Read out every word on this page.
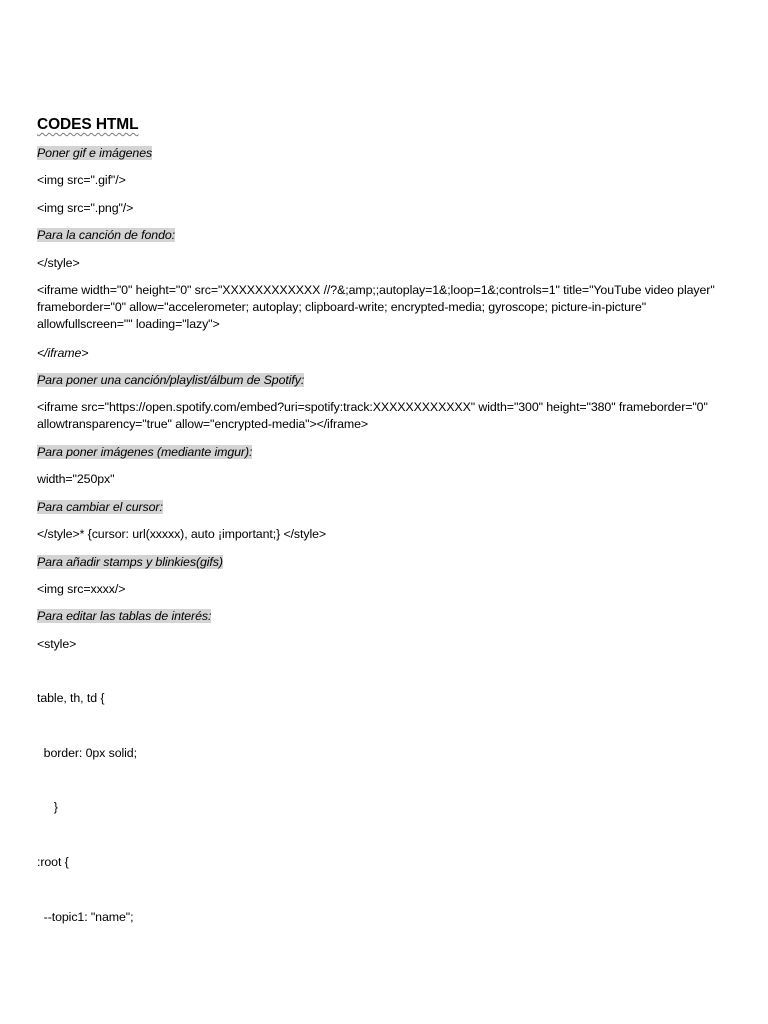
CODES HTML
Poner gif e imágenes
<img src=".gif"/>
<img src=".png"/>
Para la canción de fondo:
</style>
<iframe width="0" height="0" src="XXXXXXXXXXXX //?&;amp;;autoplay=1&;loop=1&;controls=1" title="YouTube video player" frameborder="0" allow="accelerometer; autoplay; clipboard-write; encrypted-media; gyroscope; picture-in-picture" allowfullscreen="" loading="lazy">
</iframe>
Para poner una canción/playlist/álbum de Spotify:
<iframe src="https://open.spotify.com/embed?uri=spotify:track:XXXXXXXXXXXX" width="300" height="380" frameborder="0" allowtransparency="true" allow="encrypted-media"></iframe>
Para poner imágenes (mediante imgur):
width="250px"
Para cambiar el cursor:
</style>* {cursor: url(xxxxx), auto ¡important;} </style>
Para añadir stamps y blinkies(gifs)
<img src=xxxx/>
Para editar las tablas de interés:
<style>
table, th, td {
border: 0px solid;
}
:root {
--topic1: "name";
